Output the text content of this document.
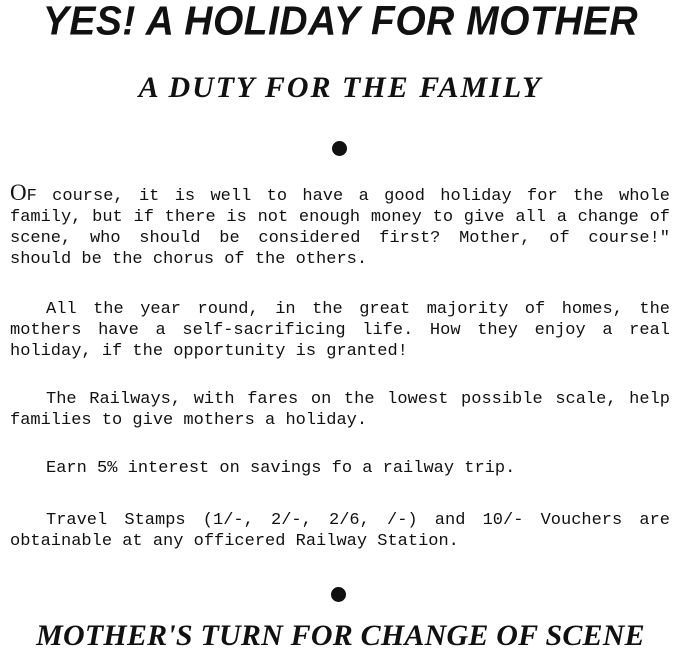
YES! A HOLIDAY FOR MOTHER
A DUTY FOR THE FAMILY

OF course, it is well to have a good holiday for the whole family, but if there is not enough money to give all a change of scene, who should be considered first? Mother, of course!" should be the chorus of the others.

All the year round, in the great majority of homes, the mothers have a self-sacrificing life. How they enjoy a real holiday, if the opportunity is granted!

The Railways, with fares on the lowest possible scale, help families to give mothers a holiday.

Earn 5% interest on savings fo a railway trip.

Travel Stamps (1/-, 2/-, 2/6, /-) and 10/- Vouchers are obtainable at any officered Railway Station.

MOTHER'S TURN FOR CHANGE OF SCENE
